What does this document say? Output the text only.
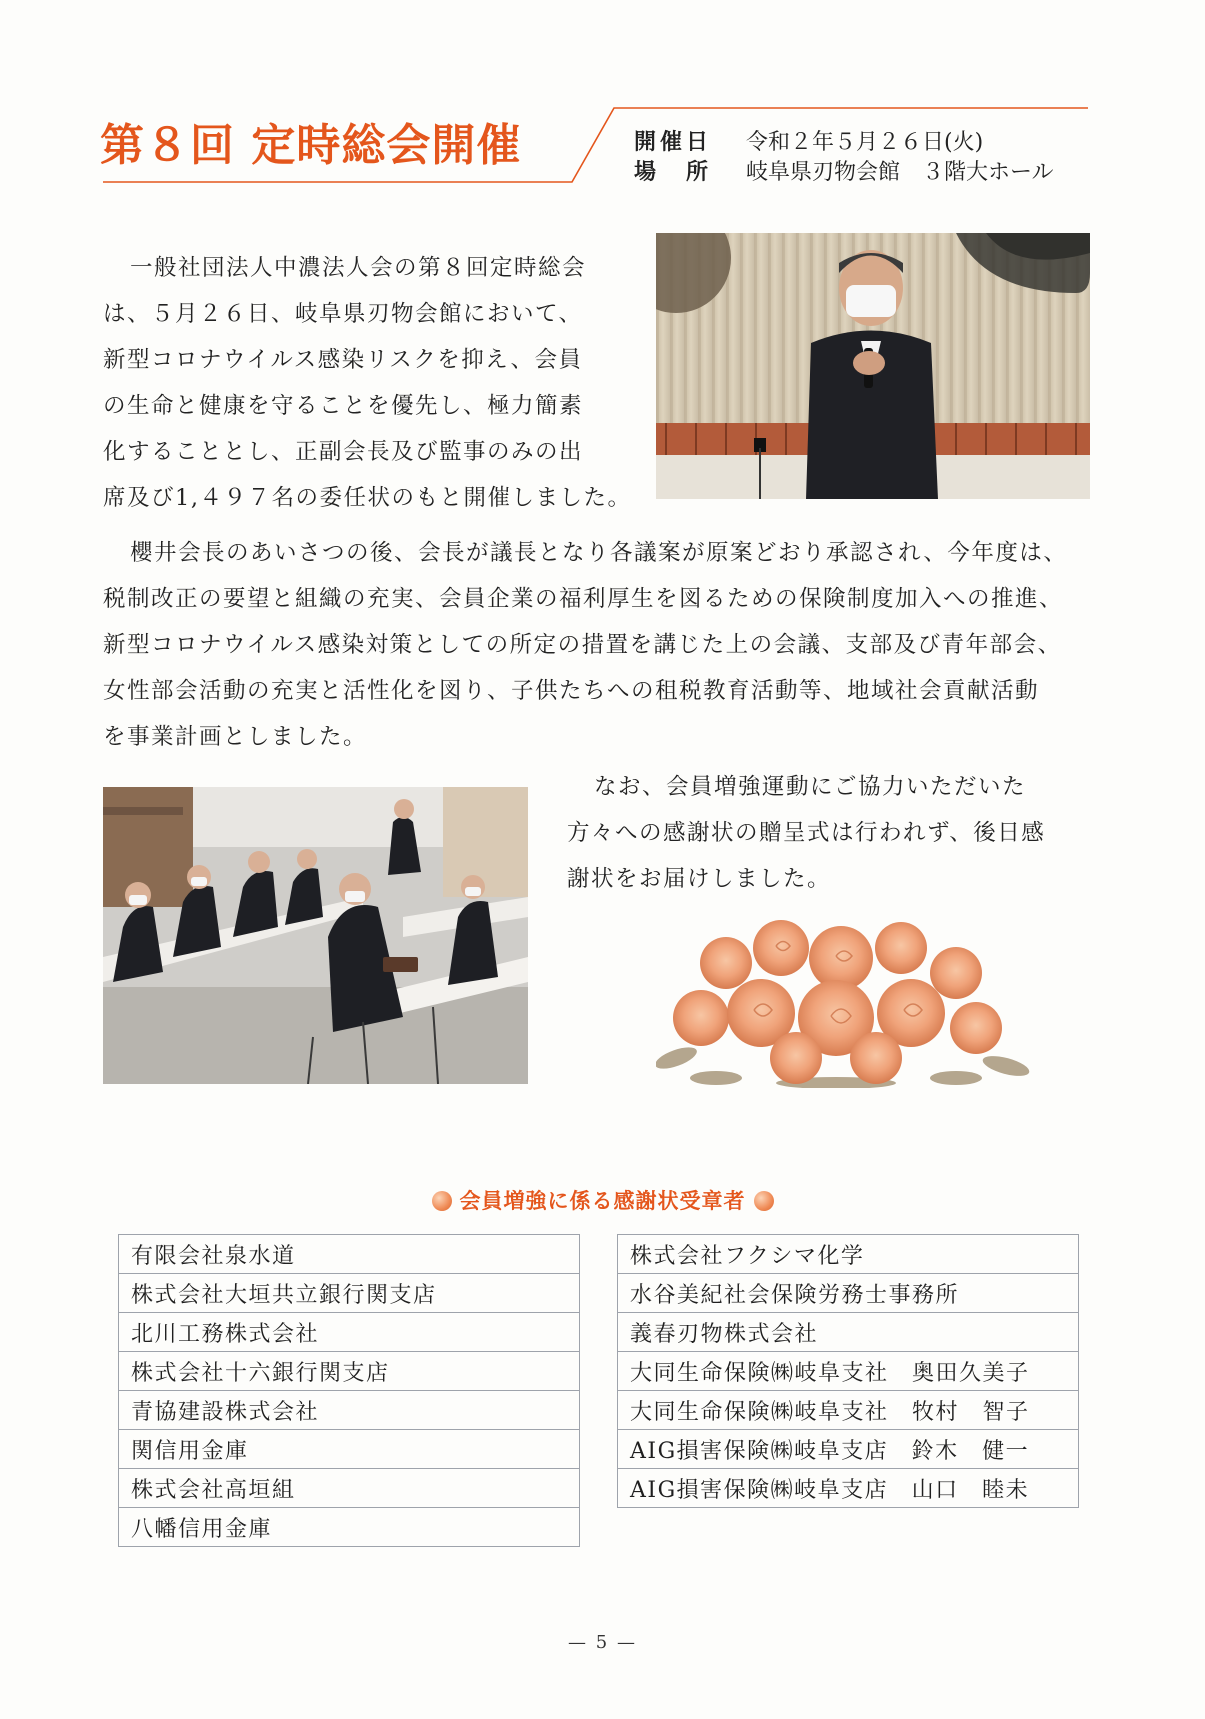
第８回 定時総会開催	開催日 令和２年５月２６日(火)
場　所 岐阜県刃物会館　３階大ホール
一般社団法人中濃法人会の第８回定時総会
は、５月２６日、岐阜県刃物会館において、
新型コロナウイルス感染リスクを抑え、会員
の生命と健康を守ることを優先し、極力簡素
化することとし、正副会長及び監事のみの出
席及び1,４９７名の委任状のもと開催しました。
櫻井会長のあいさつの後、会長が議長となり各議案が原案どおり承認され、今年度は、
税制改正の要望と組織の充実、会員企業の福利厚生を図るための保険制度加入への推進、
新型コロナウイルス感染対策としての所定の措置を講じた上の会議、支部及び青年部会、
女性部会活動の充実と活性化を図り、子供たちへの租税教育活動等、地域社会貢献活動
を事業計画としました。
なお、会員増強運動にご協力いただいた
方々への感謝状の贈呈式は行われず、後日感
謝状をお届けしました。
会員増強に係る感謝状受章者
有限会社泉水道
株式会社大垣共立銀行関支店
北川工務株式会社
株式会社十六銀行関支店
青協建設株式会社
関信用金庫
株式会社高垣組
八幡信用金庫
株式会社フクシマ化学
水谷美紀社会保険労務士事務所
義春刃物株式会社
大同生命保険㈱岐阜支社　奥田久美子
大同生命保険㈱岐阜支社　牧村　智子
AIG損害保険㈱岐阜支店　鈴木　健一
AIG損害保険㈱岐阜支店　山口　睦未
— 5 —
